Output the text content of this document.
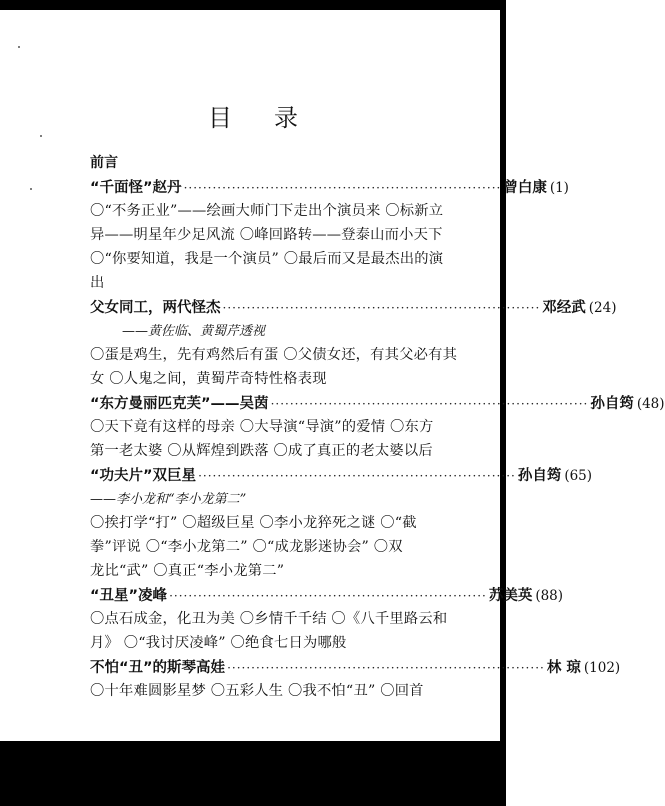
目 录
前言
“千面怪”赵丹 ·································································· 曾白康 (1)
〇“不务正业”——绘画大师门下走出个演员来 〇标新立
异——明星年少足风流 〇峰回路转——登泰山而小天下
〇“你要知道，我是一个演员” 〇最后而又是最杰出的演
出
父女同工，两代怪杰 ·································································· 邓经武 (24)
——黄佐临、黄蜀芹透视
〇蛋是鸡生，先有鸡然后有蛋 〇父债女还，有其父必有其
女 〇人鬼之间，黄蜀芹奇特性格表现
“东方曼丽匹克芙”——吴茵 ·································································· 孙自筠 (48)
〇天下竟有这样的母亲 〇大导演“导演”的爱情 〇东方
第一老太婆 〇从辉煌到跌落 〇成了真正的老太婆以后
“功夫片”双巨星 ·································································· 孙自筠 (65)
——李小龙和“李小龙第二”
〇挨打学“打” 〇超级巨星 〇李小龙猝死之谜 〇“截
拳”评说 〇“李小龙第二” 〇“成龙影迷协会” 〇双
龙比“武” 〇真正“李小龙第二”
“丑星”凌峰 ·································································· 苏美英 (88)
〇点石成金，化丑为美 〇乡情千千结 〇《八千里路云和
月》 〇“我讨厌凌峰” 〇绝食七日为哪般
不怕“丑”的斯琴高娃 ·································································· 林 琼 (102)
〇十年难圆影星梦 〇五彩人生 〇我不怕“丑” 〇回首
